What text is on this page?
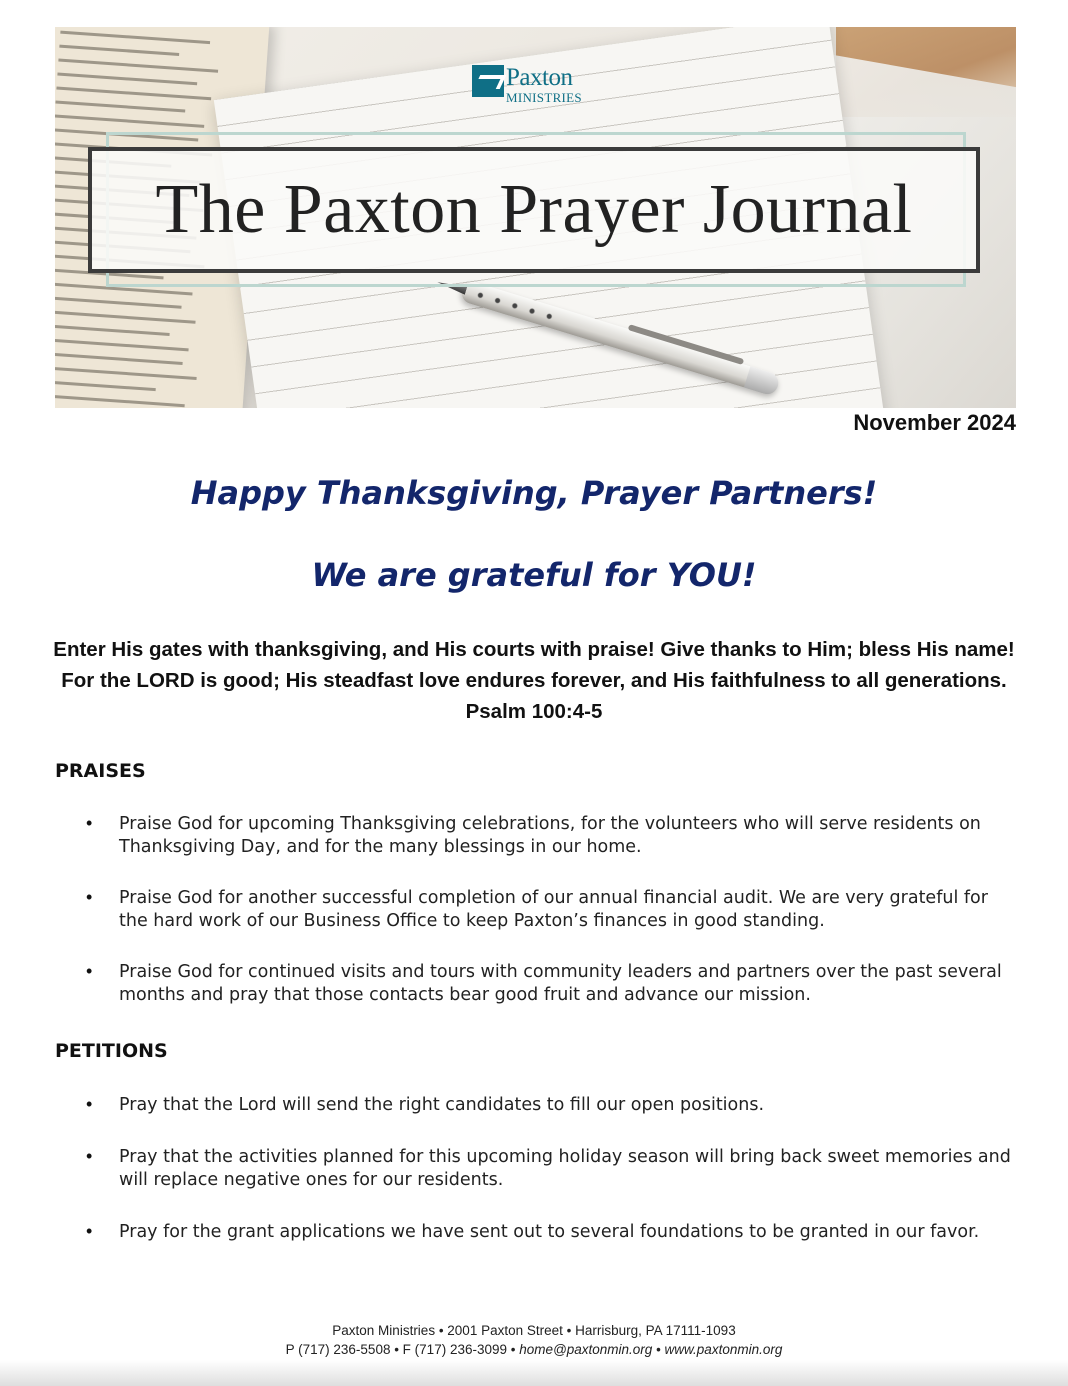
Paxton
MINISTRIES
The Paxton Prayer Journal
November 2024
Happy Thanksgiving, Prayer Partners!
We are grateful for YOU!
Enter His gates with thanksgiving, and His courts with praise! Give thanks to Him; bless His name! For the LORD is good; His steadfast love endures forever, and His faithfulness to all generations. Psalm 100:4-5
PRAISES
• Praise God for upcoming Thanksgiving celebrations, for the volunteers who will serve residents on Thanksgiving Day, and for the many blessings in our home.
• Praise God for another successful completion of our annual financial audit. We are very grateful for the hard work of our Business Office to keep Paxton’s finances in good standing.
• Praise God for continued visits and tours with community leaders and partners over the past several months and pray that those contacts bear good fruit and advance our mission.
PETITIONS
• Pray that the Lord will send the right candidates to fill our open positions.
• Pray that the activities planned for this upcoming holiday season will bring back sweet memories and will replace negative ones for our residents.
• Pray for the grant applications we have sent out to several foundations to be granted in our favor.
Paxton Ministries • 2001 Paxton Street • Harrisburg, PA 17111-1093
P (717) 236-5508 • F (717) 236-3099 • home@paxtonmin.org • www.paxtonmin.org
